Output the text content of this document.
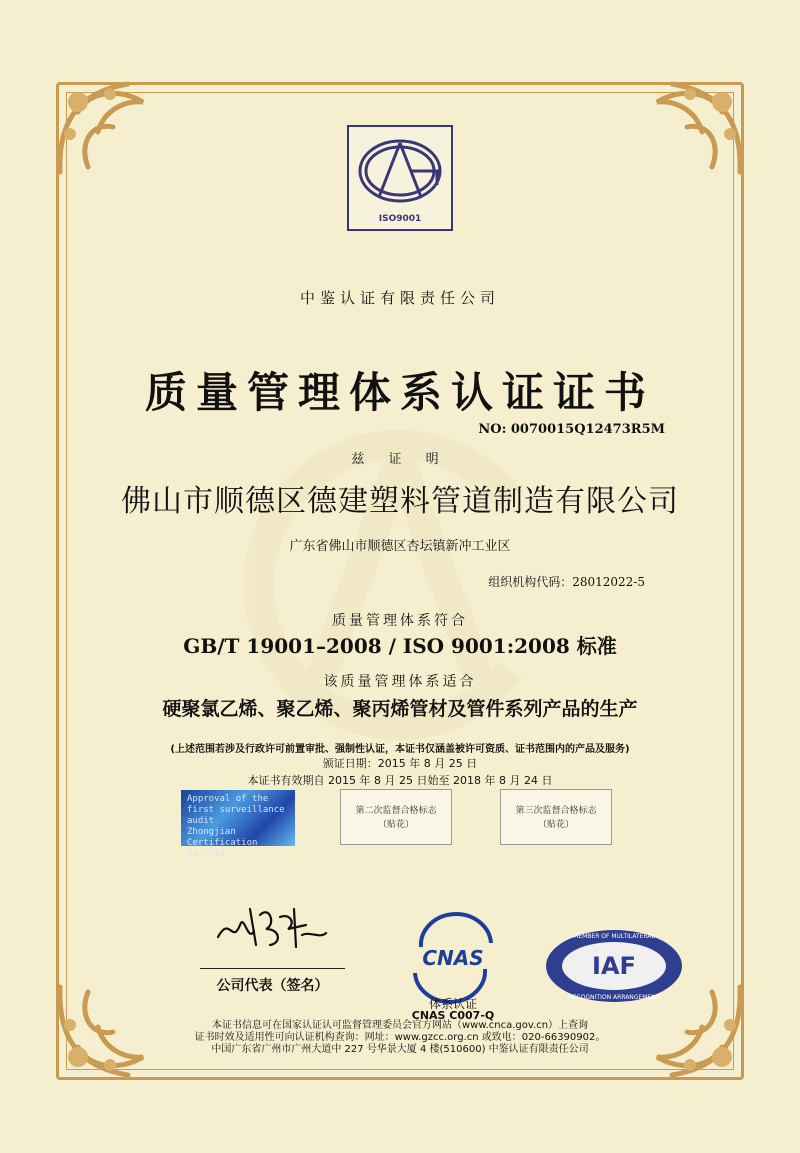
ISO9001
中鉴认证有限责任公司
质量管理体系认证证书
NO: 0070015Q12473R5M
兹 证 明
佛山市顺德区德建塑料管道制造有限公司
广东省佛山市顺德区杏坛镇新冲工业区
组织机构代码：28012022-5
质量管理体系符合
GB/T 19001–2008 / ISO 9001:2008 标准
该质量管理体系适合
硬聚氯乙烯、聚乙烯、聚丙烯管材及管件系列产品的生产
(上述范围若涉及行政许可前置审批、强制性认证，本证书仅涵盖被许可资质、证书范围内的产品及服务)
颁证日期：2015 年 8 月 25 日
本证书有效期自 2015 年 8 月 25 日始至 2018 年 8 月 24 日
Approval of the
first surveillance
audit
Zhongjian Certification Co.,Ltd
第二次监督合格标志
（贴花）
第三次监督合格标志
（贴花）
公司代表（签名）
CNAS
体系认证
CNAS C007-Q
IAF
MEMBER OF MULTILATERAL
RECOGNITION ARRANGEMENT
本证书信息可在国家认证认可监督管理委员会官方网站（www.cnca.gov.cn）上查询
证书时效及适用性可向认证机构查询：网址：www.gzcc.org.cn 或致电：020-66390902。
中国广东省广州市广州大道中 227 号华景大厦 4 楼(510600) 中鉴认证有限责任公司
